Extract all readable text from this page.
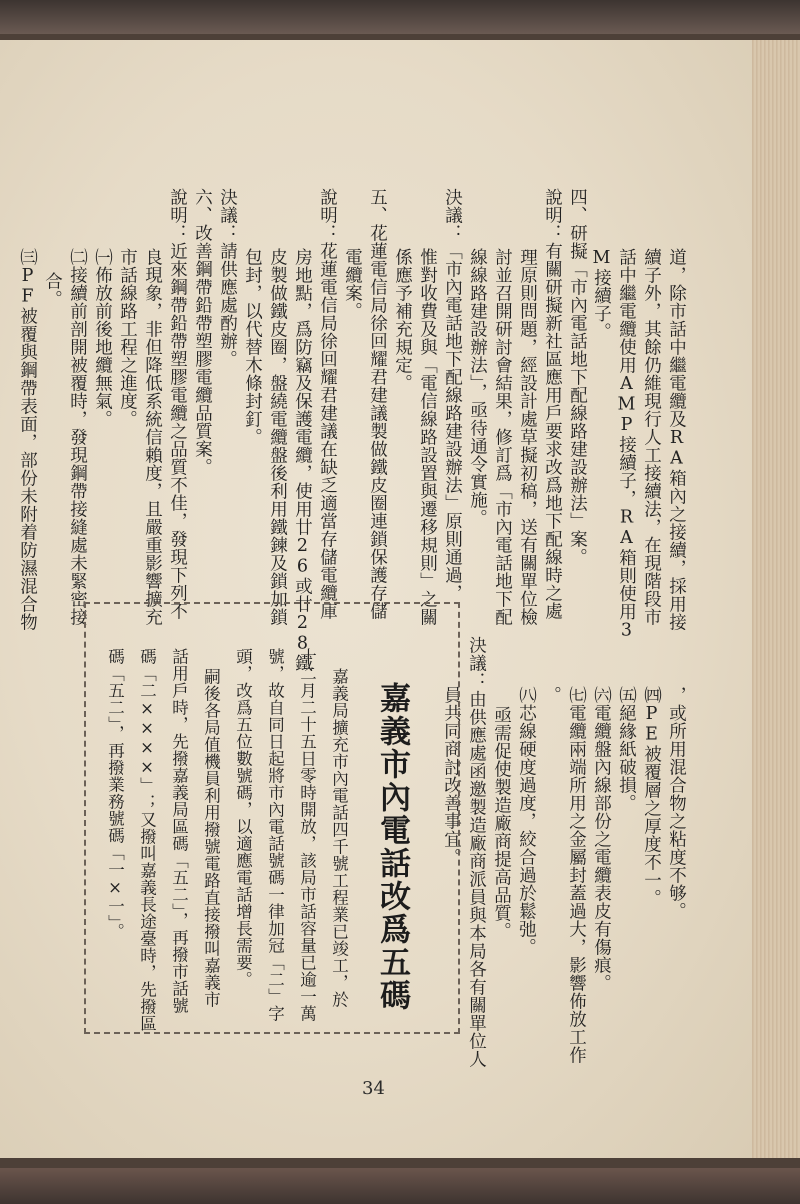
道，除市話中繼電纜及RA箱內之接續，採用接
續子外，其餘仍維現行人工接續法，在現階段市
話中繼電纜使用AMP接續子，RA箱則使用3
M接續子。
四、研擬「市內電話地下配線路建設辦法」案。
說明：有關研擬新社區應用戶要求改爲地下配線時之處
理原則問題，經設計處草擬初稿，送有關單位檢
討並召開研討會結果，修訂爲「市內電話地下配
線線路建設辦法」，亟待通令實施。
決議：「市內電話地下配線路建設辦法」原則通過，
惟對收費及與「電信線路設置與遷移規則」之關
係應予補充規定。
五、花蓮電信局徐回耀君建議製做鐵皮圈連鎖保護存儲
電纜案。
說明：花蓮電信局徐回耀君建議在缺乏適當存儲電纜庫
房地點，爲防竊及保護電纜，使用廿26或廿28鐵
皮製做鐵皮圈，盤繞電纜盤後利用鐵鍊及鎖加鎖
包封，以代替木條封釘。
決議：請供應處酌辦。
六、改善鋼帶鉛帶塑膠電纜品質案。
說明：近來鋼帶鉛帶塑膠電纜之品質不佳，發現下列不
良現象，非但降低系統信賴度，且嚴重影響擴充
市話線路工程之進度。
㈠佈放前後地纜無氣。
㈡接續前剖開被覆時，發現鋼帶接縫處未緊密接
合。
㈢PF被覆與鋼帶表面，部份未附着防濕混合物
，或所用混合物之粘度不够。
㈣PE被覆層之厚度不一。
㈤絕緣紙破損。
㈥電纜盤內線部份之電纜表皮有傷痕。
㈦電纜兩端所用之金屬封蓋過大，影響佈放工作
。
㈧芯線硬度過度，絞合過於鬆弛。
亟需促使製造廠商提高品質。
決議：由供應處函邀製造廠商派員與本局各有關單位人
員共同商討改善事宜。
嘉義市內電話改爲五碼
嘉義局擴充市內電話四千號工程業已竣工，於
十二月二十五日零時開放，該局市話容量已逾一萬
號，故自同日起將市內電話號碼一律加冠「二」字
頭，改爲五位數號碼，以適應電話增長需要。
嗣後各局值機員利用撥號電路直接撥叫嘉義市
話用戶時，先撥嘉義局區碼「五二」，再撥市話號
碼「二××××」；又撥叫嘉義長途臺時，先撥區
碼「五二」，再撥業務號碼「一×一」。
34
